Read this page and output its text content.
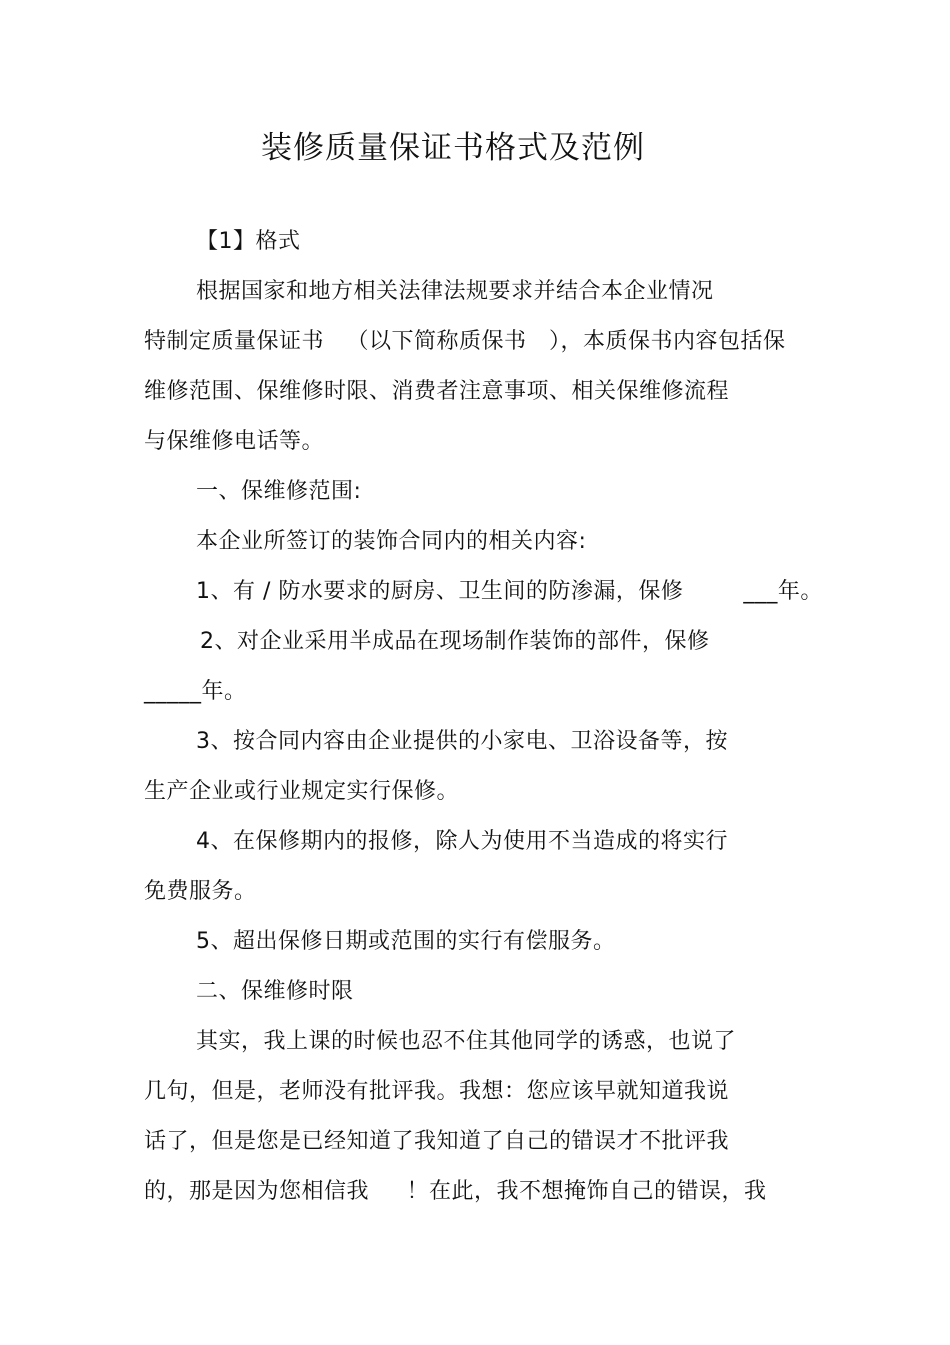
装修质量保证书格式及范例
【1】格式
根据国家和地方相关法律法规要求并结合本企业情况
特制定质量保证书   （以下简称质保书   ），本质保书内容包括保
维修范围、保维修时限、消费者注意事项、相关保维修流程
与保维修电话等。
一、保维修范围:
本企业所签订的装饰合同内的相关内容:
1、有 / 防水要求的厨房、卫生间的防渗漏，保修        ___年。
2、对企业采用半成品在现场制作装饰的部件，保修
_____年。
3、按合同内容由企业提供的小家电、卫浴设备等，按
生产企业或行业规定实行保修。
4、在保修期内的报修，除人为使用不当造成的将实行
免费服务。
5、超出保修日期或范围的实行有偿服务。
二、保维修时限
其实，我上课的时候也忍不住其他同学的诱惑，也说了
几句，但是，老师没有批评我。我想：您应该早就知道我说
话了，但是您是已经知道了我知道了自己的错误才不批评我
的，那是因为您相信我     ！在此，我不想掩饰自己的错误，我
